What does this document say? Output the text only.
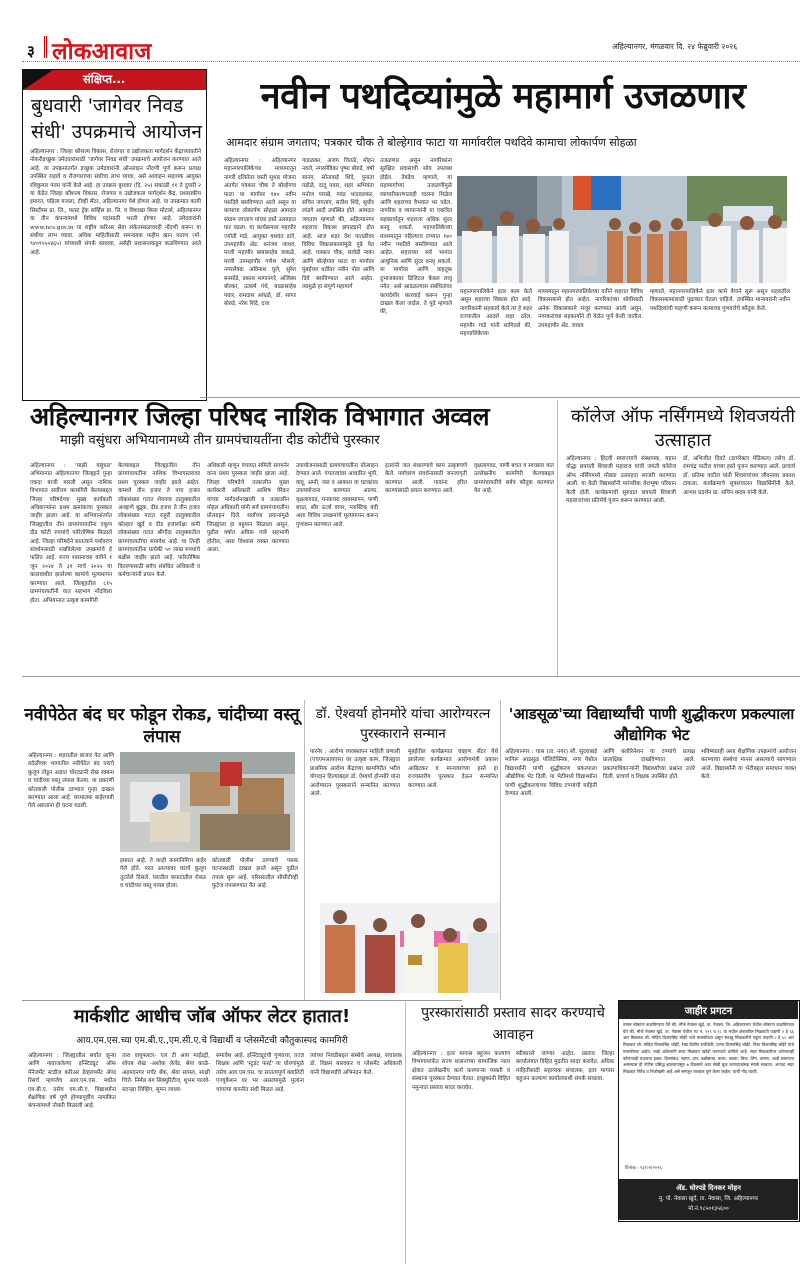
३ लोकआवाज	अहिल्यानगर, मंगळवार दि. २४ फेब्रुवारी २०२६
संक्षिप्त...
बुधवारी 'जागेवर निवड संधी' उपक्रमाचे आयोजन
अहिल्यानगर : जिल्हा कौशल्य विकास, रोजगार व उद्योजकता मार्गदर्शन केंद्राच्यावतीने नोकरीइच्छुक उमेदवारांसाठी 'जागेवर निवड संधी' उपक्रमाचे आयोजन करण्यात आले आहे. या उपक्रमांतर्गत इच्छुक उमेदवारांनी ऑनलाइन नोंदणी पूर्ण करून प्रत्यक्ष उपस्थित राहावे व रोजगाराच्या संधीचा लाभ घ्यावा, असे आवाहन सहायक आयुक्त रविकुमार पंतम यांनी केले आहे. हा उपक्रम बुधवार (दि. २५) सकाळी ११ ते दुपारी २ या वेळेत जिल्हा कौशल्य विकास, रोजगार व उद्योजकता मार्गदर्शन केंद्र, प्रशासकीय इमारत, पहिला मजला, टीव्ही सेंटर, अहिल्यानगर येथे होणार आहे. या उपक्रमात कामी सिस्टीम्स प्रा. लि., फास्ट ट्रॅक सर्व्हिस प्रा. लि. व विशाखा किया मोटार्स, अहिल्यानगर या तीन कंपन्यांमध्ये विविध पदांसाठी भरती होणार आहे. उमेदवारांनी www.ncs.gov.in या राष्ट्रीय करिअर सेवा संकेतस्थळावरही नोंदणी करून या संधीचा लाभ घ्यावा. अधिक माहितीसाठी समन्वयक फहीम खान पठाण (मो. ९४०९५५५४६५) यांच्याशी संपर्क साधावा, असेही प्रशासनाकडून कळविण्यात आले आहे.
नवीन पथदिव्यांमुळे महामार्ग उजळणार
आमदार संग्राम जगताप; पत्रकार चौक ते बोल्हेगाव फाटा या मार्गावरील पथदिवे कामाचा लोकार्पण सोहळा
अहिल्यानगर : अहिल्यानगर महानगरपालिकेच्या माध्यमातून नागरी दलितेतर वस्ती सुधार योजना अंतर्गत पत्रकार चौक ते बोल्हेगाव फाटा या मार्गावर १४० नवीन पथदिवे बसविण्यात आले असून या कामाचा लोकार्पण सोहळा आमदार संग्राम जगताप यांच्या हस्ते उत्साहात पार पडला. या कार्यक्रमास महापौर ज्योती गाडे, आयुक्त यशवंत डांगे, उपमहापौर ॲड. धनंजय जाधव, माजी महापौर बाबासाहेब वाकळे, माजी उपमहापौर गणेश भोसले, नगरसेवक अविनाश घुले, सुरेश बनसोडे, प्रकाश भागानगरे, अजिंक्य बोरकर, उत्कर्ष गंधे, बाळासाहेब पवार, रामदास आंधळे, डॉ. सागर बोरुडे, नरेश शिंदे, दत्ता
गाडळकर, अजय चितळे, मोहन नवले, नगरसेविका पुष्पा बोरुडे, वर्षा सानप, सोनाबाई शिंदे, पुनाता पडोळे, दादू पवार, शहर अभियंता मनोज पारखे, गवंड भांडवलकर, सचिन जगताप, सतीश शिंदे, सुधीर लांडगे आदी उपस्थित होते. आमदार जगताप म्हणाले की, अहिल्यानगर शहराचा विकास झपाट्याने होत आहे. आज शहर देश पातळीवर विविध विकासकामांमुळे पुढे येत आहे. पत्रकार चौक, सावेडी नाका आणि बोल्हेगाव फाटा या मार्गावर मुंबईच्या धर्तीवर नवीन पोल आणि दिवे बसविण्यात आले आहेत. त्यामुळे हा संपूर्ण महामार्ग
उजळणार असून नागरिकांना सुरक्षित प्रवासाची सोय उपलब्ध होईल. तेवढेच म्हणाले, या महामार्गांच्या उजळणीमुळे व्यापारीकरणालाही चालना मिळेल आणि शहराच्या वैभवात भर पडेल. नागरिक व व्यापाऱ्यांनी या एकत्रित सहकार्यातून शहराला अधिक सुंदर बनवू शकतो. महापालिकेच्या माध्यमातून पहिल्याच टप्प्यात १४० नवीन पथदिवे बसविण्यात आले आहेत. शहराच्या सर्व भागांत आधुनिक आणि सुंदर वनवृ शकतो. या मार्गावर आणि वाहतूक दुभाजकावर डिजिटल केबल लावू नयेत, असे आढळल्यास संबंधितांवर कायदेशीर कारवाई करून गुन्हा दाखल केला जाईल. ते पुढे म्हणाले की,
महानगरपालिकेने इतर काम केले असून शहराचा विकास होत आहे. नागरिकांनी सहकार्य केले तर हे शहर राज्यातील आदर्श शहर ठरेल. महापौर गाडे यांनी सांगितले की, महापालिकेच्या
माध्यमातून महानगरपालिकेच्या वतीने शहरात विविध विकासकामे होत आहेत. नागरिकांच्या सोयीसाठी अनेक विकासकामे मंजूर करण्यात आली असून, नगरकरांच्या सहकार्याने ती वेळेत पूर्ण केली जातील. उपमहापौर ॲड. जाधव
म्हणाले, महानगरपालिकेने इतर कामे वेगाने सुरू असून शहरातील विकासकामांसाठी पुढाकार घेतला पाहिजे. उपस्थित मान्यवरांनी नवीन पथदिव्यांची पाहणी करून कामाच्या गुणवत्तेचे कौतुक केले.
अहिल्यानगर जिल्हा परिषद नाशिक विभागात अव्वल
माझी वसुंधरा अभियानामध्ये तीन ग्रामपंचायतींना दीड कोटींचे पुरस्कार
अहिल्यानगर : 'माझी वसुंधरा' अभियानात अहिल्यानगर जिल्ह्याने पुन्हा एकदा बाजी मारली असून नाशिक विभागात सर्वोत्तम कामगिरी केल्याबद्दल जिल्हा परिषदेच्या मुख्य कार्यकारी अधिकाऱ्यांना प्रथम क्रमांकाचा पुरस्कार जाहीर झाला आहे. या अभियानांतर्गत जिल्ह्यातील तीन ग्रामपंचायतींना एकूण दीड कोटी रुपयांचे पारितोषिक मिळाले आहे. जिल्हा परिषदेने सातत्याने पर्यावरण संवर्धनासाठी राबविलेल्या उपक्रमांचे हे फलित आहे. राज्य शासनाच्या वतीने १ जून २०२४ ते ३१ मार्च २०२५ या कालावधीत झालेल्या कामांचे मूल्यमापन करण्यात आले. जिल्ह्यातील ८१५ ग्रामपंचायतींनी यात सहभाग नोंदविला होता. अभियानात उत्कृष्ट कामगिरी
केल्याबद्दल जिल्ह्यातील तीन ग्रामपंचायतींना नाशिक विभागस्तरावर प्रथम पुरस्कार जाहीर झाले आहेत. यामध्ये तीन हजार ते पाच हजार लोकसंख्या गटात शेवगाव तालुक्यातील आव्हाणे बुद्रुक, दीड हजार ते तीन हजार लोकसंख्या गटात राहुरी तालुक्यातील कोल्हार खुर्द व दीड हजारपेक्षा कमी लोकसंख्या गटात श्रीगोंदा तालुक्यातील ग्रामपंचायतीचा समावेश आहे. या तिन्ही ग्रामपंचायतींना प्रत्येकी ५० लाख रुपयांचे बक्षीस जाहीर झाले आहे. पारितोषिक वितरणासाठी सर्वच संबंधित अधिकारी व कर्मचाऱ्यांनी प्रयत्न केले.
अधिकारी म्हणून पंचायत समिती संगमनेर यांना प्रथम पुरस्कार जाहीर झाला आहे. जिल्हा परिषदेचे तत्कालीन मुख्य कार्यकारी अधिकारी आशिष येरेकर यांच्या मार्गदर्शनाखाली व तत्कालीन मोहल अधिकारी यांनी सर्व ग्रामपंचायतींना प्रोत्साहन दिले. सर्वांच्या प्रयत्नांमुळे जिल्ह्याला हा बहुमान मिळाला असून, पुढील वर्षात अधिक गावे सहभागी होतील, असा विश्वास व्यक्त करण्यात आला.
उपायोजनांसाठी ग्रामपंचायतींना प्रोत्साहन देण्यात आले. पंचतत्त्वांवर आधारित भूमी, वायू, अग्नी, जल व आकाश या घटकांवर उपाययोजना करण्यात आल्या. वृक्षलागवड, घनकचरा व्यवस्थापन, पाणी बचत, सौर ऊर्जा वापर, प्लास्टिक बंदी अशा विविध उपक्रमांचे मूल्यमापन करून गुणांकन करण्यात आले.
इतरांनी जल संधारणाचे काम उत्कृष्टपणे केले. पर्यावरण संवर्धनासाठी जनजागृती करण्यात आली. गावांना हरित करण्यासाठी प्रयत्न करण्यात आले.
वृक्षलागवड, पाणी बचत व स्वच्छता यात उल्लेखनीय कामगिरी केल्याबद्दल ग्रामपंचायतींचे सर्वत्र कौतुक करण्यात येत आहे.
कॉलेज ऑफ नर्सिंगमध्ये शिवजयंती उत्साहात
अहिल्यानगर : हिंदवी स्वराज्याचे संस्थापक, महान योद्धा छत्रपती शिवाजी महाराज यांची जयंती कॉलेज ऑफ नर्सिंगमध्ये मोठ्या उत्साहात साजरी करण्यात आली. या वेळी विद्यार्थ्यांनी पारंपरिक वेशभूषा परिधान केली होती. कार्यक्रमाची सुरुवात छत्रपती शिवाजी महाराजांच्या प्रतिमेचे पूजन करून करण्यात आली.
डॉ. अभिजीत दिवटे (डायरेक्टर मेडिकल) तसेच डॉ. रामचंद्र पाटील यांच्या हस्ते पूजन करण्यात आले. प्राचार्य डॉ. प्रतिमा पाटील यांनी शिवरायांच्या जीवनावर प्रकाश टाकला. कार्यक्रमाचे सूत्रसंचालन विद्यार्थिनींनी केले. आभार प्रदर्शन प्रा. सचिन कदम यांनी केले.
नवीपेठेत बंद घर फोडून रोकड, चांदीच्या वस्तू लंपास
अहिल्यानगर : शहरातील बाजार पेठ आणि वर्दळीच्या भागातील नवीपेठेत बंद घराचे कुलूप तोडून अज्ञात चोरट्यांनी रोख रक्कम व चांदीच्या वस्तू लंपास केल्या. या प्रकरणी कोतवाली पोलीस ठाण्यात गुन्हा दाखल करण्यात आला आहे. घरमालक बाहेरगावी गेले असताना ही घटना घडली.
इमारत आहे. ते काही कामानिमित्त बाहेर गेले होते. परत आल्यावर घराचे कुलूप तुटलेले दिसले. घरातील कपाटातील रोकड व चांदीच्या वस्तू गायब होत्या.
कोतवाली पोलीस ठाण्याचे पथक घटनास्थळी दाखल झाले असून पुढील तपास सुरू आहे. परिसरातील सीसीटीव्ही फुटेज तपासण्यात येत आहे.
डॉ. ऐश्वर्या होनमोरे यांचा आरोग्यरत्न पुरस्काराने सन्मान
पारनेर : आरोग्य व्यवस्थापन माहिती प्रणाली (एचएमआयएस) वर उत्कृष्ट काम, जिल्ह्यात प्राथमिक आरोग्य केंद्राच्या कामगिरीत भरीव योगदान दिल्याबद्दल डॉ. ऐश्वर्या होनमोरे यांना आरोग्यरत्न पुरस्काराने सन्मानित करण्यात आले.
मुंबईतील कार्यक्रमात चव्हाण सेंटर येथे झालेल्या कार्यक्रमात आरोग्यमंत्री प्रकाश आबिटकर व मान्यवरांच्या हस्ते हा राज्यस्तरीय पुरस्कार देऊन सन्मानित करण्यात आले.
'आडसूळ'च्या विद्यार्थ्यांची पाणी शुद्धीकरण प्रकल्पाला औद्योगिक भेट
अहिल्यानगर : चास (ता. नगर) सौ. सुंदराबाई मागिरू आडसूळ पॉलिटेक्निक, नगर येथील विद्यार्थ्यांनी पाणी शुद्धीकरण प्रकल्पाला औद्योगिक भेट दिली. या भेटीमध्ये विद्यार्थ्यांना पाणी शुद्धीकरणाच्या विविध टप्प्यांची माहिती देण्यात आली.
आणि क्लोरिनेशन या टप्प्यांचे प्रत्यक्ष प्रात्यक्षिक दाखविण्यात आले. प्रकल्पाधिकाऱ्यांनी विद्यार्थ्यांच्या प्रश्नांना उत्तरे दिली. प्राचार्य व शिक्षक उपस्थित होते.
भविष्यातही अशा शैक्षणिक उपक्रमांचे आयोजन करण्याचा संस्थेचा मानस असल्याचे सांगण्यात आले. विद्यार्थ्यांनी या भेटीबद्दल समाधान व्यक्त केले.
मार्कशीट आधीच जॉब ऑफर लेटर हातात!
आय.एम.एस.च्या एम.बी.ए.,एम.सी.ए.चे विद्यार्थी व प्लेसमेंटची कौतुकास्पद कामगिरी
अहिल्यानगर : जिल्ह्यातील सर्वात जुन्या आणि नावाजलेल्या इन्स्टिट्यूट ऑफ मॅनेजमेंट स्टडीज करिअर डेव्हलपमेंट ॲण्ड रिसर्च म्हणजेच आय.एम.एस. मधील एम.बी.ए. तसेच एम.सी.ए. विद्यार्थ्यांना शैक्षणिक वर्ष पूर्ण होण्यापूर्वीच नामांकित कंपन्यांमध्ये नोकरी मिळाली आहे.
तारा वायुफ्लटर- एल टी आय माईंडट्री, शोएब शेख -अशोक लेलँड, श्रेया काळे- अहमदनगर मर्चंट बँक, श्रेया सामल, साक्षी चित्ते- निर्मल बंग सिक्युरिटीज, शुभम पालवे- स्टान्झा लिव्हिंग, सुमन जाधव-
समावेश आहे. इन्स्टिट्यूटची गुणवत्ता, तज्ज्ञ शिक्षक आणि 'स्टुडंट फर्स्ट' या धोरणांमुळे तसेच आय.एम.एस. चा सातत्यपूर्ण क्वालिटी एज्युकेशन वर भर असल्यामुळे मुलांना चांगल्या कंपनीत संधी मिळत आहे.
त्यांच्या निवडीबद्दल संस्थेचे अध्यक्ष, संचालक डॉ. विक्रम बारवकर व प्लेसमेंट अधिकारी यांनी विद्यार्थ्यांचे अभिनंदन केले.
पुरस्कारांसाठी प्रस्ताव सादर करण्याचे आवाहन
अहिल्यानगर : इतर मागास बहुजन कल्याण विभागामार्फत राज्य शासनाच्या सामाजिक न्याय क्षेत्रात उल्लेखनीय कार्य करणाऱ्या व्यक्ती व संस्थांना पुरस्कार देण्यात येतात. इच्छुकांनी विहित नमुन्यात प्रस्ताव सादर करावेत.
स्वीकारले जाणार आहेत. प्रस्ताव जिल्हा कार्यालयात विहित मुदतीत सादर करावेत. अधिक माहितीसाठी सहाय्यक संचालक, इतर मागास बहुजन कल्याण कार्यालयाशी संपर्क साधावा.
जाहीर प्रगटन
तमाम लोकांना कळविण्यात येते की, मौजे नेवासा खुर्द, ता. नेवासा, जि. अहिल्यानगर येथील लोकांना कळविण्यात येते की, मौजे नेवासा खुर्द, ता. नेवासा येथील गट नं. २९९ व २८ या मधील क्षेत्रावरील मिळकती पाहणी ० हे ६६ आर मिळकत श्री. मोहित विजयसिंह भोईटे यांचे मालकीच्या असून सदरहू मिळकतीचे एकूण पाहणी ० हे ५५ आर मिळकत श्री. मोहित विजयसिंह भोईटे, रेखा दिलीप राजेशिर्के, प्रणव विजयसिंह भोईटे, निशा विजयसिंह भोईटे यांचे मालकीच्या आहेत. माझे अशिलांनी सदर मिळकत खरेदी करण्याचे ठरविले आहे. सदर मिळकतीवर कोणाचाही कोणत्याही प्रकारचा हक्क, हितसंबंध, गहाण, दान, बक्षीसपत्र, करार, कब्जा, लिज, लिन, वारसा, आदी स्वरूपात असल्यास ही नोटीस प्रसिद्ध झाल्यापासून ७ दिवसांचे आत लेखी मूळ कागदपत्रांसह संपर्क साधावा. अन्यथा सदर मिळकत निर्वेध व निजोखमी आहे असे समजून व्यवहार पूर्ण केला जाईल, याची नोंद घ्यावी.
दिनांक : २३/०२/२०२६
ॲड. घोरपडे दिनकर मोहन
मु. पो. नेवासा खुर्द, ता. नेवासा, जि. अहिल्यानगर
मो.नं.९८५०१३५६००
